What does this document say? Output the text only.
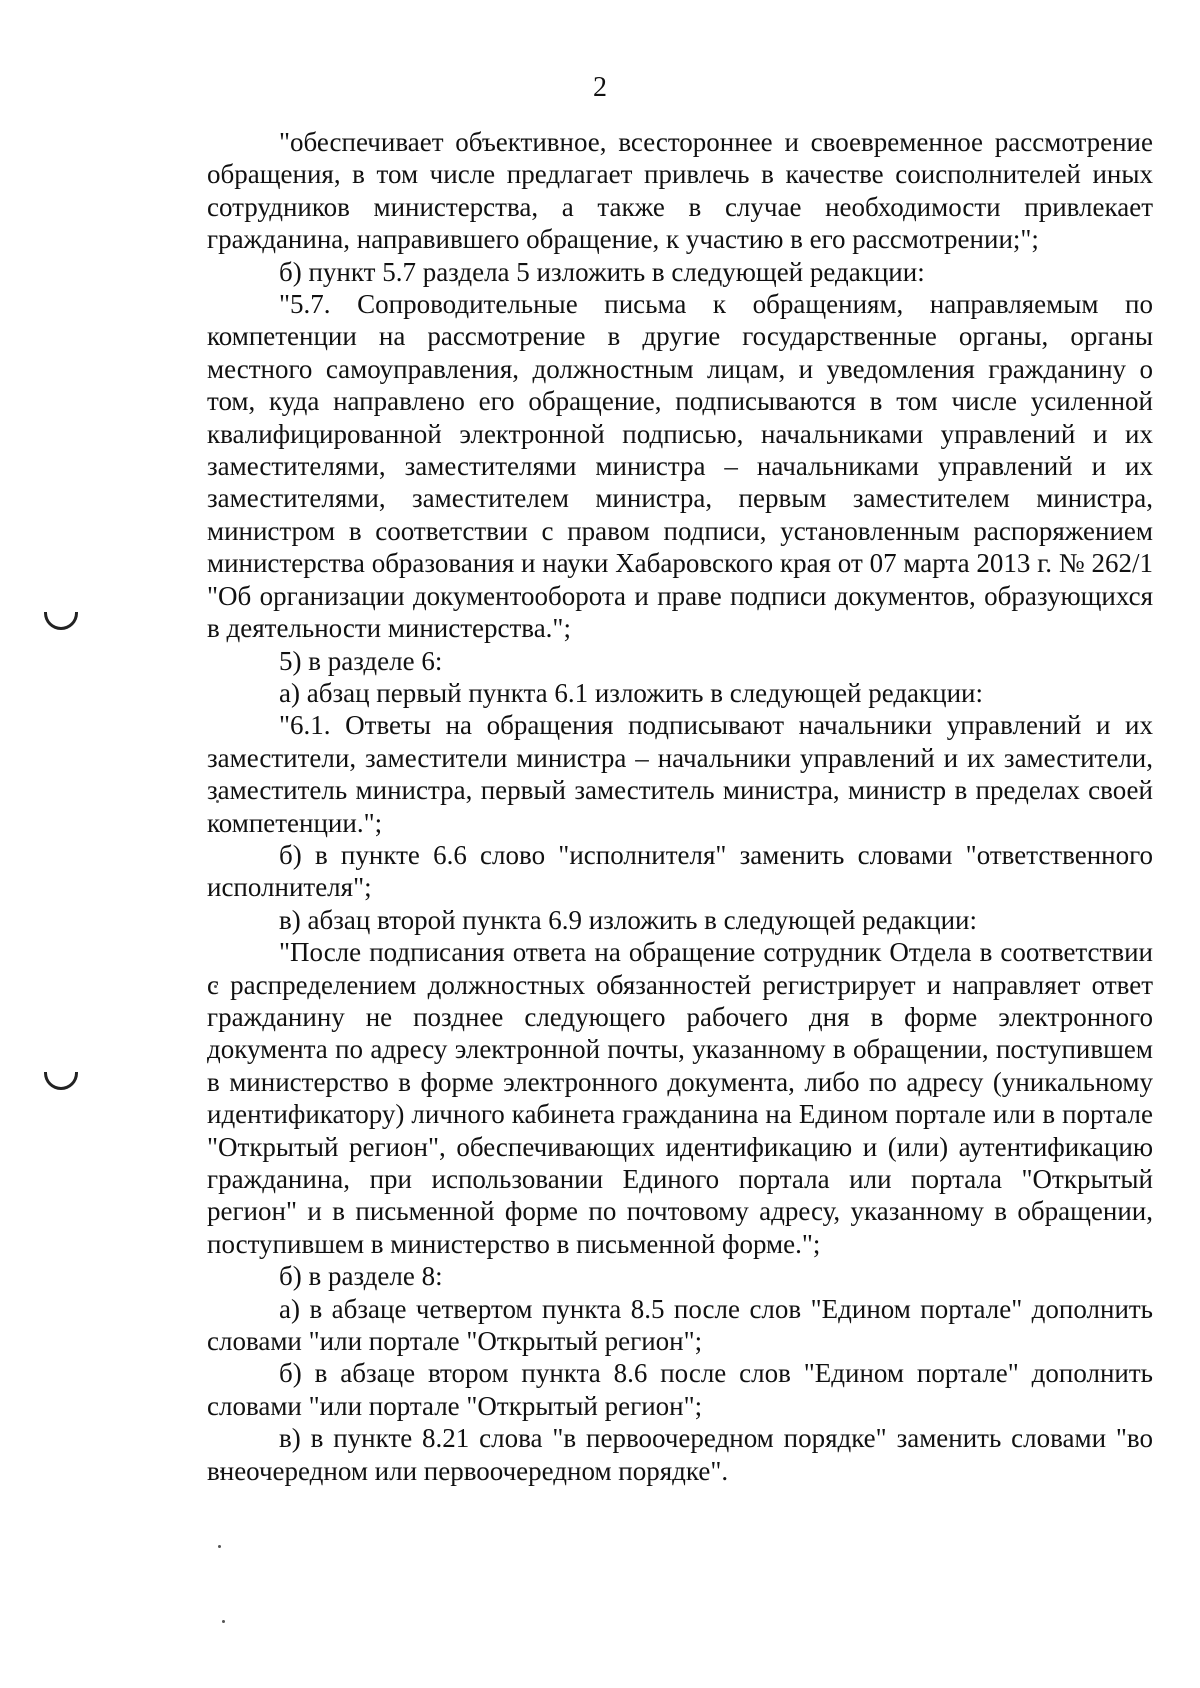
2

"обеспечивает объективное, всестороннее и своевременное рассмотрение обращения, в том числе предлагает привлечь в качестве соисполнителей иных сотрудников министерства, а также в случае необходимости привлекает гражданина, направившего обращение, к участию в его рассмотрении;";

б) пункт 5.7 раздела 5 изложить в следующей редакции:

"5.7. Сопроводительные письма к обращениям, направляемым по компетенции на рассмотрение в другие государственные органы, органы местного самоуправления, должностным лицам, и уведомления гражданину о том, куда направлено его обращение, подписываются в том числе усиленной квалифицированной электронной подписью, начальниками управлений и их заместителями, заместителями министра – начальниками управлений и их заместителями, заместителем министра, первым заместителем министра, министром в соответствии с правом подписи, установленным распоряжением министерства образования и науки Хабаровского края от 07 марта 2013 г. № 262/1 "Об организации документооборота и праве подписи документов, образующихся в деятельности министерства.";

5) в разделе 6:

а) абзац первый пункта 6.1 изложить в следующей редакции:

"6.1. Ответы на обращения подписывают начальники управлений и их заместители, заместители министра – начальники управлений и их заместители, заместитель министра, первый заместитель министра, министр в пределах своей компетенции.";

б) в пункте 6.6 слово "исполнителя" заменить словами "ответственного исполнителя";

в) абзац второй пункта 6.9 изложить в следующей редакции:

"После подписания ответа на обращение сотрудник Отдела в соответствии с распределением должностных обязанностей регистрирует и направляет ответ гражданину не позднее следующего рабочего дня в форме электронного документа по адресу электронной почты, указанному в обращении, поступившем в министерство в форме электронного документа, либо по адресу (уникальному идентификатору) личного кабинета гражданина на Едином портале или в портале "Открытый регион", обеспечивающих идентификацию и (или) аутентификацию гражданина, при использовании Единого портала или портала "Открытый регион" и в письменной форме по почтовому адресу, указанному в обращении, поступившем в министерство в письменной форме.";

б) в разделе 8:

а) в абзаце четвертом пункта 8.5 после слов "Едином портале" дополнить словами "или портале "Открытый регион";

б) в абзаце втором пункта 8.6 после слов "Едином портале" дополнить словами "или портале "Открытый регион";

в) в пункте 8.21 слова "в первоочередном порядке" заменить словами "во внеочередном или первоочередном порядке".
